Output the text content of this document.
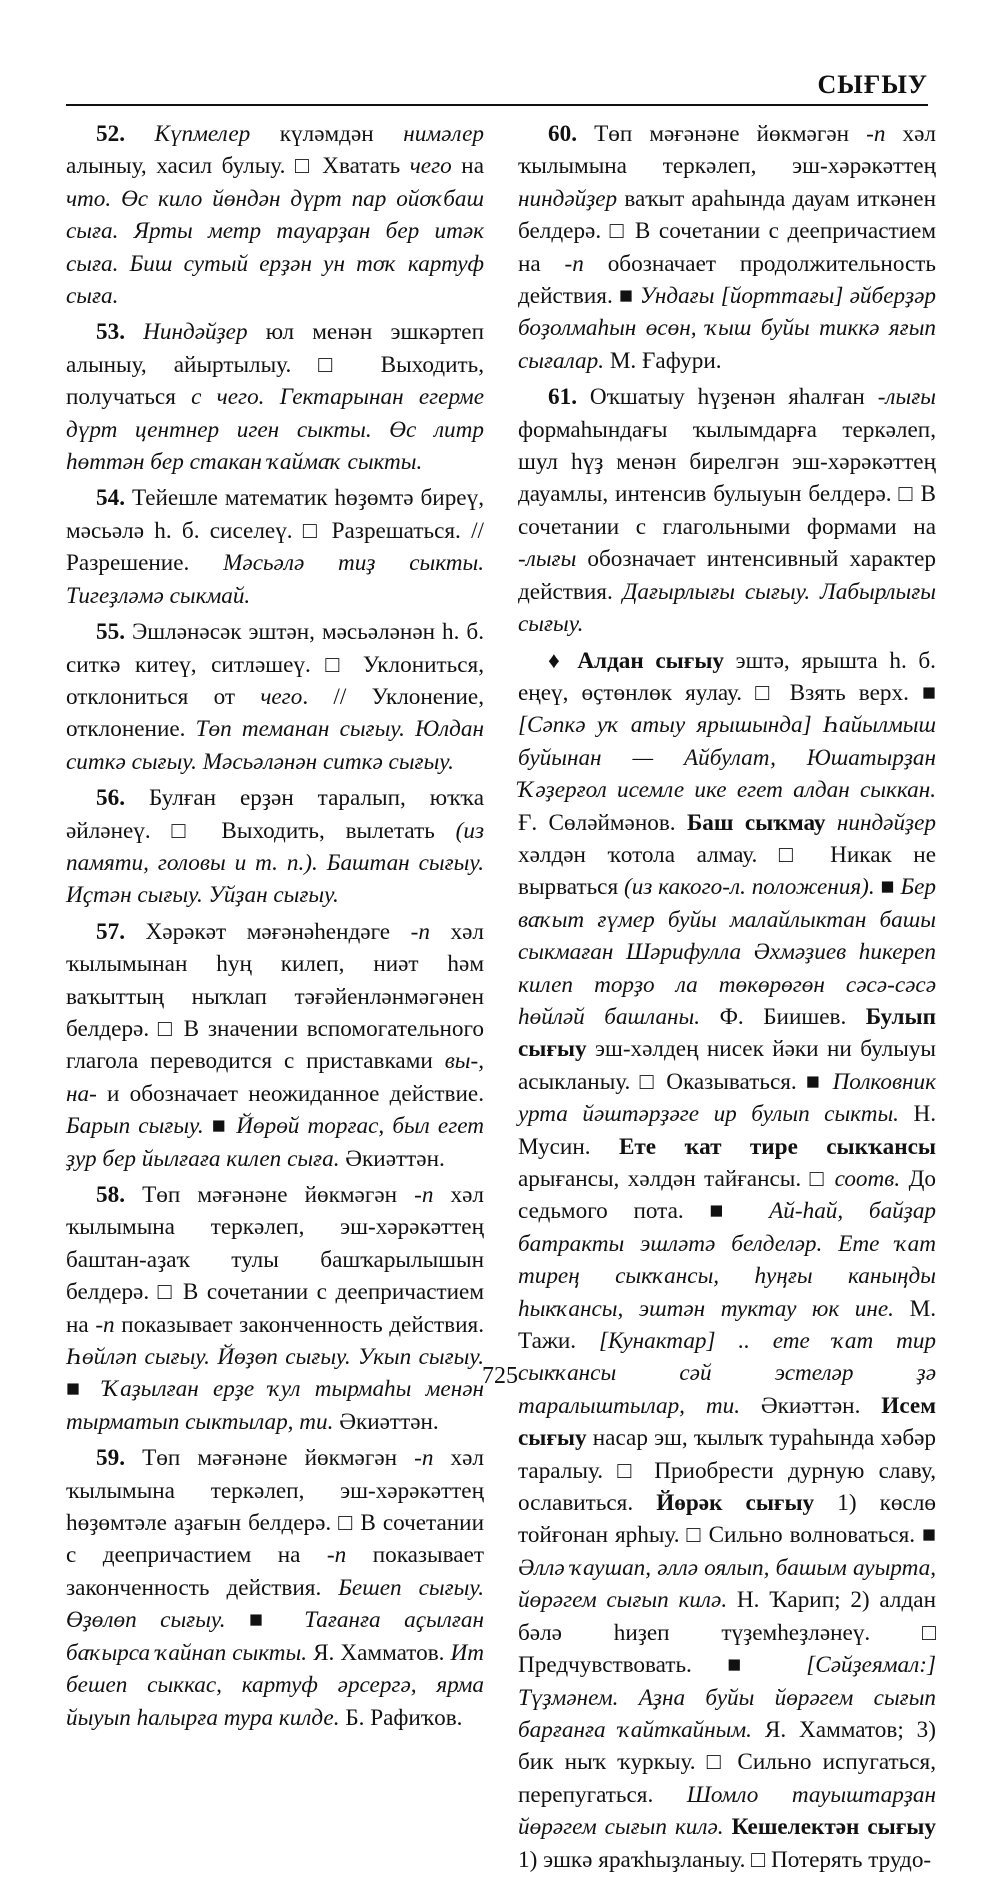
СЫҒЫУ

52. Күпмелер күләмдән нимәлер алыныу, хасил булыу. □ Хватать чего на что. Өс кило йөндән дүрт пар ойоҡбаш сыға. Ярты метр тауарҙан бер итәк сыға. Биш сутый ерҙән ун тоҡ картуф сыға.

53. Ниндәйҙер юл менән эшкәртеп алыныу, айыртылыу. □ Выходить, получаться с чего. Гектарынан егерме дүрт центнер иген сыкты. Өс литр һөттән бер стакан ҡаймаҡ сыкты.

54. Тейешле математик һөҙөмтә биреү, мәсьәлә һ. б. сиселеү. □ Разрешаться. // Разрешение. Мәсьәлә тиҙ сыкты. Тигеҙләмә сыкмай.

55. Эшләнәсәк эштән, мәсьәләнән һ. б. ситкә китеү, ситләшеү. □ Уклониться, отклониться от чего. // Уклонение, отклонение. Төп теманан сығыу. Юлдан ситкә сығыу. Мәсьәләнән ситкә сығыу.

56. Булған ерҙән таралып, юҡҡа әйләнеү. □ Выходить, вылетать (из памяти, головы и т. п.). Баштан сығыу. Иҫтән сығыу. Уйҙан сығыу.

57. Хәрәкәт мәғәнәһендәге -п хәл ҡылымынан һуң килеп, ниәт һәм ваҡыттың ныҡлап тәғәйенләнмәгәнен белдерә. □ В значении вспомогательного глагола переводится с приставками вы-, на- и обозначает неожиданное действие. Барып сығыу. ■ Йөрөй торғас, был егет ҙур бер йылғаға килеп сыға. Әкиәттән.

58. Төп мәғәнәне йөкмәгән -п хәл ҡылымына теркәлеп, эш-хәрәкәттең баштан-аҙаҡ тулы башҡарылышын белдерә. □ В сочетании с деепричастием на -п показывает законченность действия. Һөйләп сығыу. Йөҙөп сығыу. Укып сығыу. ■ Ҡаҙылған ерҙе ҡул тырмаһы менән тырматып сыктылар, ти. Әкиәттән.

59. Төп мәғәнәне йөкмәгән -п хәл ҡылымына теркәлеп, эш-хәрәкәттең һөҙөмтәле аҙағын белдерә. □ В сочетании с деепричастием на -п показывает законченность действия. Бешеп сығыу. Өҙөлөп сығыу. ■ Тағанға аҫылған баҡырса ҡайнап сыкты. Я. Хамматов. Ит бешеп сыккас, картуф әрсергә, ярма йыуып һалырға тура килде. Б. Рафиҡов.

60. Төп мәғәнәне йөкмәгән -п хәл ҡылымына теркәлеп, эш-хәрәкәттең ниндәйҙер ваҡыт араһында дауам иткәнен белдерә. □ В сочетании с деепричастием на -п обозначает продолжительность действия. ■ Ундағы [йорттағы] әйберҙәр боҙолмаһын өсөн, ҡыш буйы тиккә яғып сығалар. М. Ғафури.

61. Оҡшатыу һүҙенән яһалған -лығы формаһындағы ҡылымдарға теркәлеп, шул һүҙ менән бирелгән эш-хәрәкәттең дауамлы, интенсив булыуын белдерә. □ В сочетании с глагольными формами на -лығы обозначает интенсивный характер действия. Дағырлығы сығыу. Лабырлығы сығыу.

♦ Алдан сығыу эштә, ярышта һ. б. еңеү, өҫтөнлөк яулау. □ Взять верх. ■ [Сәпкә уҡ атыу ярышында] Һайылмыш буйынан — Айбулат, Юшатырҙан Ҡәҙерғол исемле ике егет алдан сыккан. Ғ. Сөләймәнов. Баш сыҡмау ниндәйҙер хәлдән ҡотола алмау. □ Никак не вырваться (из какого-л. положения). ■ Бер ваҡыт ғүмер буйы малайлыктан башы сыкмаған Шәрифулла Әхмәҙиев һикереп килеп торҙо ла төкөрөгөн сәсә-сәсә һөйләй башланы. Ф. Биишев. Булып сығыу эш-хәлдең нисек йәки ни булыуы асыкланыу. □ Оказываться. ■ Полковник урта йәштәрҙәге ир булып сыкты. Н. Мусин. Ете ҡат тире сыкҡансы арығансы, хәлдән тайғансы. □ соотв. До седьмого пота. ■ Ай-һай, байҙар батракты эшләтә белделәр. Ете ҡат тирең сыкҡансы, һуңғы каныңды һыкҡансы, эштән туктау юк ине. М. Тажи. [Кунактар] .. ете ҡат тир сыкҡансы сәй эстеләр ҙә таралыштылар, ти. Әкиәттән. Исем сығыу насар эш, ҡылыҡ тураһында хәбәр таралыу. □ Приобрести дурную славу, ославиться. Йөрәк сығыу 1) көслө тойғонан ярһыу. □ Сильно волноваться. ■ Әллә ҡаушап, әллә оялып, башым ауырта, йөрәгем сығып килә. Н. Ҡарип; 2) алдан бәлә һиҙеп түҙемһеҙләнеү. □ Предчувствовать. ■ [Сәйҙеямал:] Түҙмәнем. Аҙна буйы йөрәгем сығып барғанға ҡайткайным. Я. Хамматов; 3) бик ныҡ ҡуркыу. □ Сильно испугаться, перепугаться. Шомло тауыштарҙан йөрәгем сығып килә. Кешелектән сығыу 1) эшкә яраҡһыҙланыу. □ Потерять трудо-

725
